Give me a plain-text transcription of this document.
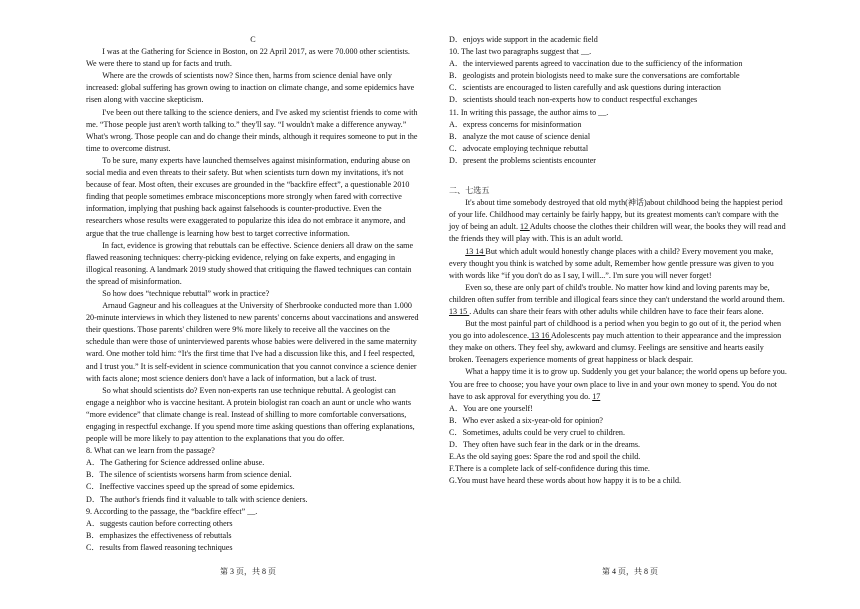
C

I was at the Gathering for Science in Boston, on 22 April 2017, as were 70.000 other scientists. We were there to stand up for facts and truth.

Where are the crowds of scientists now? Since then, harms from science denial have only increased: global suffering has grown owing to inaction on climate change, and some epidemics have risen along with vaccine skepticism.

I've been out there talking to the science deniers, and I've asked my scientist friends to come with me. “Those people just aren't worth talking to.” they'll say. “I wouldn't make a difference anyway.” What's wrong. Those people can and do change their minds, although it requires someone to put in the time to overcome distrust.

To be sure, many experts have launched themselves against misinformation, enduring abuse on social media and even threats to their safety. But when scientists turn down my invitations, it's not because of fear. Most often, their excuses are grounded in the “backfire effect”, a questionable 2010 finding that people sometimes embrace misconceptions more strongly when fared with corrective information, implying that pushing back against falsehoods is counter-productive. Even the researchers whose results were exaggerated to popularize this idea do not embrace it anymore, and argue that the true challenge is learning how best to target corrective information.

In fact, evidence is growing that rebuttals can be effective. Science deniers all draw on the same flawed reasoning techniques: cherry-picking evidence, relying on fake experts, and engaging in illogical reasoning. A landmark 2019 study showed that critiquing the flawed techniques can contain the spread of misinformation.

So how does “technique rebuttal” work in practice?

Arnaud Gagneur and his colleagues at the University of Sherbrooke conducted more than 1.000 20-minute interviews in which they listened to new parents' concerns about vaccinations and answered their questions. Those parents' children were 9% more likely to receive all the vaccines on the schedule than were those of uninterviewed parents whose babies were delivered in the same maternity ward. One mother told him: “It's the first time that I've had a discussion like this, and I feel respected, and I trust you.” It is self-evident in science communication that you cannot convince a science denier with facts alone; most science deniers don't have a lack of information, but a lack of trust.

So what should scientists do? Even non-experts ran use technique rebuttal. A geologist can engage a neighbor who is vaccine hesitant. A protein biologist ran coach an aunt or uncle who wants “more evidence” that climate change is real. Instead of shilling to more comfortable conversations, engaging in respectful exchange. If you spend more time asking questions than offering explanations, people will be more likely to pay attention to the explanations that you do offer.

8. What can we learn from the passage?

A．The Gathering for Science addressed online abuse.

B．The silence of scientists worsens harm from science denial.

C．Ineffective vaccines speed up the spread of some epidemics.

D．The author's friends find it valuable to talk with science deniers.

9. According to the passage, the “backfire effect” __.

A．suggests caution before correcting others

B．emphasizes the effectiveness of rebuttals

C．results from flawed reasoning techniques

D．enjoys wide support in the academic field

10. The last two paragraphs suggest that __.

A．the interviewed parents agreed to vaccination due to the sufficiency of the information

B．geologists and protein biologists need to make sure the conversations are comfortable

C．scientists are encouraged to listen carefully and ask questions during interaction

D．scientists should teach non-experts how to conduct respectful exchanges

11. In writing this passage, the author aims to __.

A．express concerns for misinformation

B．analyze the mot cause of science denial

C．advocate employing technique rebuttal

D．present the problems scientists encounter

二、七选五

It's about time somebody destroyed that old myth(神话)about childhood being the happiest period of your life. Childhood may certainly be fairly happy, but its greatest moments can't compare with the joy of being an adult. 12 Adults choose the clothes their children will wear, the books they will read and the friends they will play with. This is an adult world.

13 14 But which adult would honestly change places with a child? Every movement you make, every thought you think is watched by some adult, Remember how gentle pressure was given to you with words like “if you don't do as I say, I will...”. I'm sure you will never forget!

Even so, these are only part of child's trouble. No matter how kind and loving parents may be, children often suffer from terrible and illogical fears since they can't understand the world around them. 13 15 . Adults can share their fears with other adults while children have to face their fears alone.

But the most painful part of childhood is a period when you begin to go out of it, the period when you go into adolescence. 13 16 Adolescents pay much attention to their appearance and the impression they make on others. They feel shy, awkward and clumsy. Feelings are sensitive and hearts easily broken. Teenagers experience moments of great happiness or black despair.

What a happy time it is to grow up. Suddenly you get your balance; the world opens up before you. You are free to choose; you have your own place to live in and your own money to spend. You do not have to ask approval for everything you do. 17

A．You are one yourself!

B．Who ever asked a six-year-old for opinion?

C．Sometimes, adults could be very cruel to children.

D．They often have such fear in the dark or in the dreams.

E.As the old saying goes: Spare the rod and spoil the child.

F.There is a complete lack of self-confidence during this time.

G.You must have heard these words about how happy it is to be a child.

第 3 页，共 8 页	第 4 页，共 8 页
